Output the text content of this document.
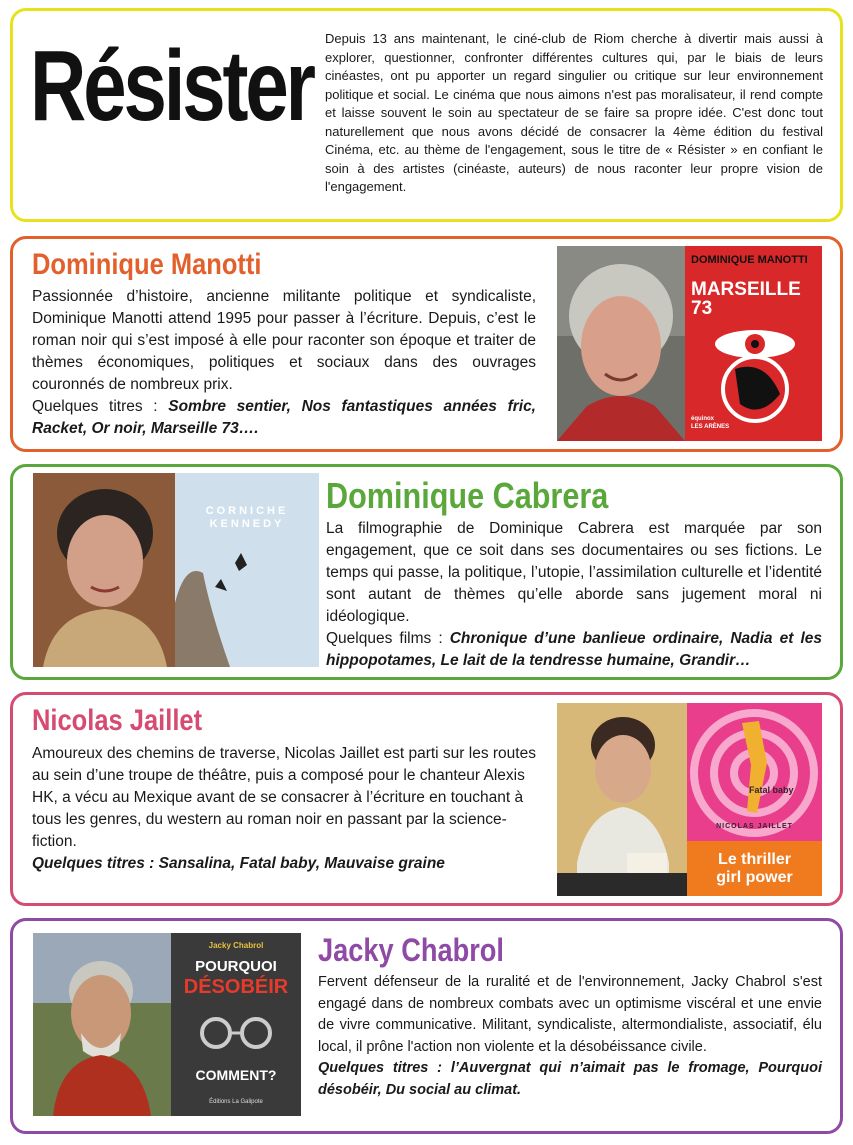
Résister Depuis 13 ans maintenant, le ciné-club de Riom cherche à divertir mais aussi à explorer, questionner, confronter différentes cultures qui, par le biais de leurs cinéastes, ont pu apporter un regard singulier ou critique sur leur environnement politique et social. Le cinéma que nous aimons n'est pas moralisateur, il rend compte et laisse souvent le soin au spectateur de se faire sa propre idée. C'est donc tout naturellement que nous avons décidé de consacrer la 4ème édition du festival Cinéma, etc. au thème de l'engagement, sous le titre de « Résister » en confiant le soin à des artistes (cinéaste, auteurs) de nous raconter leur propre vision de l'engagement.

Dominique Manotti

Passionnée d’histoire, ancienne militante politique et syndicaliste, Dominique Manotti attend 1995 pour passer à l’écriture. Depuis, c’est le roman noir qui s’est imposé à elle pour raconter son époque et traiter de thèmes économiques, politiques et sociaux dans des ouvrages couronnés de nombreux prix.
Quelques titres : Sombre sentier, Nos fantastiques années fric, Racket, Or noir, Marseille 73….

DOMINIQUE MANOTTI
MARSEILLE 73
équinox
LES ARÈNES
CORNICHE
KENNEDY
Dominique Cabrera

La filmographie de Dominique Cabrera est marquée par son engagement, que ce soit dans ses documentaires ou ses fictions. Le temps qui passe, la politique, l’utopie, l’assimilation culturelle et l’identité sont autant de thèmes qu’elle aborde sans jugement moral ni idéologique.
Quelques films : Chronique d’une banlieue ordinaire, Nadia et les hippopotames, Le lait de la tendresse humaine, Grandir…

Nicolas Jaillet

Amoureux des chemins de traverse, Nicolas Jaillet est parti sur les routes au sein d’une troupe de théâtre, puis a composé pour le chanteur Alexis HK, a vécu au Mexique avant de se consacrer à l’écriture en touchant à tous les genres, du western au roman noir en passant par la science-fiction.
Quelques titres : Sansalina, Fatal baby, Mauvaise graine

Fatal baby
NICOLAS JAILLET
Le thriller
girl power
Jacky Chabrol
POURQUOI
DÉSOBÉIR
COMMENT?
Éditions La Galipote
Jacky Chabrol

Fervent défenseur de la ruralité et de l'environnement, Jacky Chabrol s'est engagé dans de nombreux combats avec un optimisme viscéral et une envie de vivre communicative. Militant, syndicaliste, altermondialiste, associatif, élu local, il prône l'action non violente et la désobéissance civile.
Quelques titres : l’Auvergnat qui n’aimait pas le fromage, Pourquoi désobéir, Du social au climat.
